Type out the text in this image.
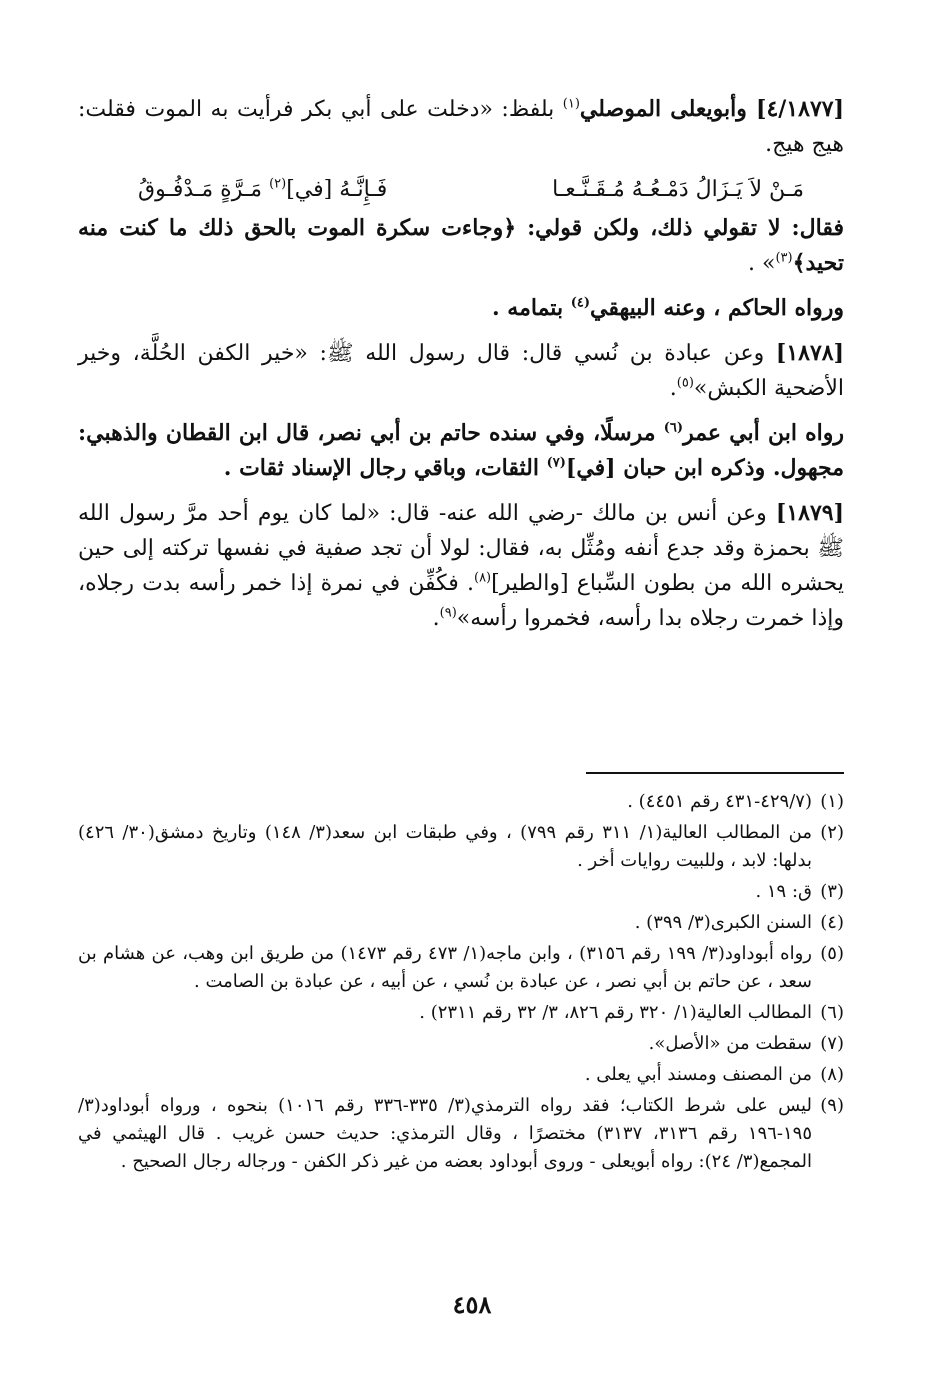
[٤/١٨٧٧] وأبويعلى الموصلي$^{(١)}$ بلفظ: «دخلت على أبي بكر فرأيت به الموت فقلت: هيج هيج.

مَـنْ لاَ يَـزَالُ دَمْـعُـهُ مُـقَـنَّـعـا
فَـإِنَّـهُ [في]$^{(٢)}$ مَـرَّةٍ مَـدْفُـوقُ

فقال: لا تقولي ذلك، ولكن قولي: ﴿وجاءت سكرة الموت بالحق ذلك ما كنت منه تحيد﴾$^{(٣)}$» .

ورواه الحاكم ، وعنه البيهقي$^{(٤)}$ بتمامه .

[١٨٧٨] وعن عبادة بن نُسي قال: قال رسول الله ﷺ: «خير الكفن الحُلَّة، وخير الأضحية الكبش»$^{(٥)}$.

رواه ابن أبي عمر$^{(٦)}$ مرسلًا، وفي سنده حاتم بن أبي نصر، قال ابن القطان والذهبي: مجهول. وذكره ابن حبان [في]$^{(٧)}$ الثقات، وباقي رجال الإسناد ثقات .

[١٨٧٩] وعن أنس بن مالك -رضي الله عنه- قال: «لما كان يوم أحد مرَّ رسول الله ﷺ بحمزة وقد جدع أنفه ومُثِّل به، فقال: لولا أن تجد صفية في نفسها تركته إلى حين يحشره الله من بطون السِّباع [والطير]$^{(٨)}$. فكُفِّن في نمرة إذا خمر رأسه بدت رجلاه، وإذا خمرت رجلاه بدا رأسه، فخمروا رأسه»$^{(٩)}$.

(١)
(٤٢٩/٧-٤٣١ رقم ٤٤٥١) .
(٢)
من المطالب العالية(١/ ٣١١ رقم ٧٩٩) ، وفي طبقات ابن سعد(٣/ ١٤٨) وتاريخ دمشق(٣٠/ ٤٢٦) بدلها: لابد ، وللبيت روايات أخر .
(٣)
ق: ١٩ .
(٤)
السنن الكبرى(٣/ ٣٩٩) .
(٥)
رواه أبوداود(٣/ ١٩٩ رقم ٣١٥٦) ، وابن ماجه(١/ ٤٧٣ رقم ١٤٧٣) من طريق ابن وهب، عن هشام بن سعد ، عن حاتم بن أبي نصر ، عن عبادة بن نُسي ، عن أبيه ، عن عبادة بن الصامت .
(٦)
المطالب العالية(١/ ٣٢٠ رقم ٨٢٦، ٣/ ٣٢ رقم ٢٣١١) .
(٧)
سقطت من «الأصل».
(٨)
من المصنف ومسند أبي يعلى .
(٩)
ليس على شرط الكتاب؛ فقد رواه الترمذي(٣/ ٣٣٥-٣٣٦ رقم ١٠١٦) بنحوه ، ورواه أبوداود(٣/ ١٩٥-١٩٦ رقم ٣١٣٦، ٣١٣٧) مختصرًا ، وقال الترمذي: حديث حسن غريب . قال الهيثمي في المجمع(٣/ ٢٤): رواه أبويعلى - وروى أبوداود بعضه من غير ذكر الكفن - ورجاله رجال الصحيح .
٤٥٨
